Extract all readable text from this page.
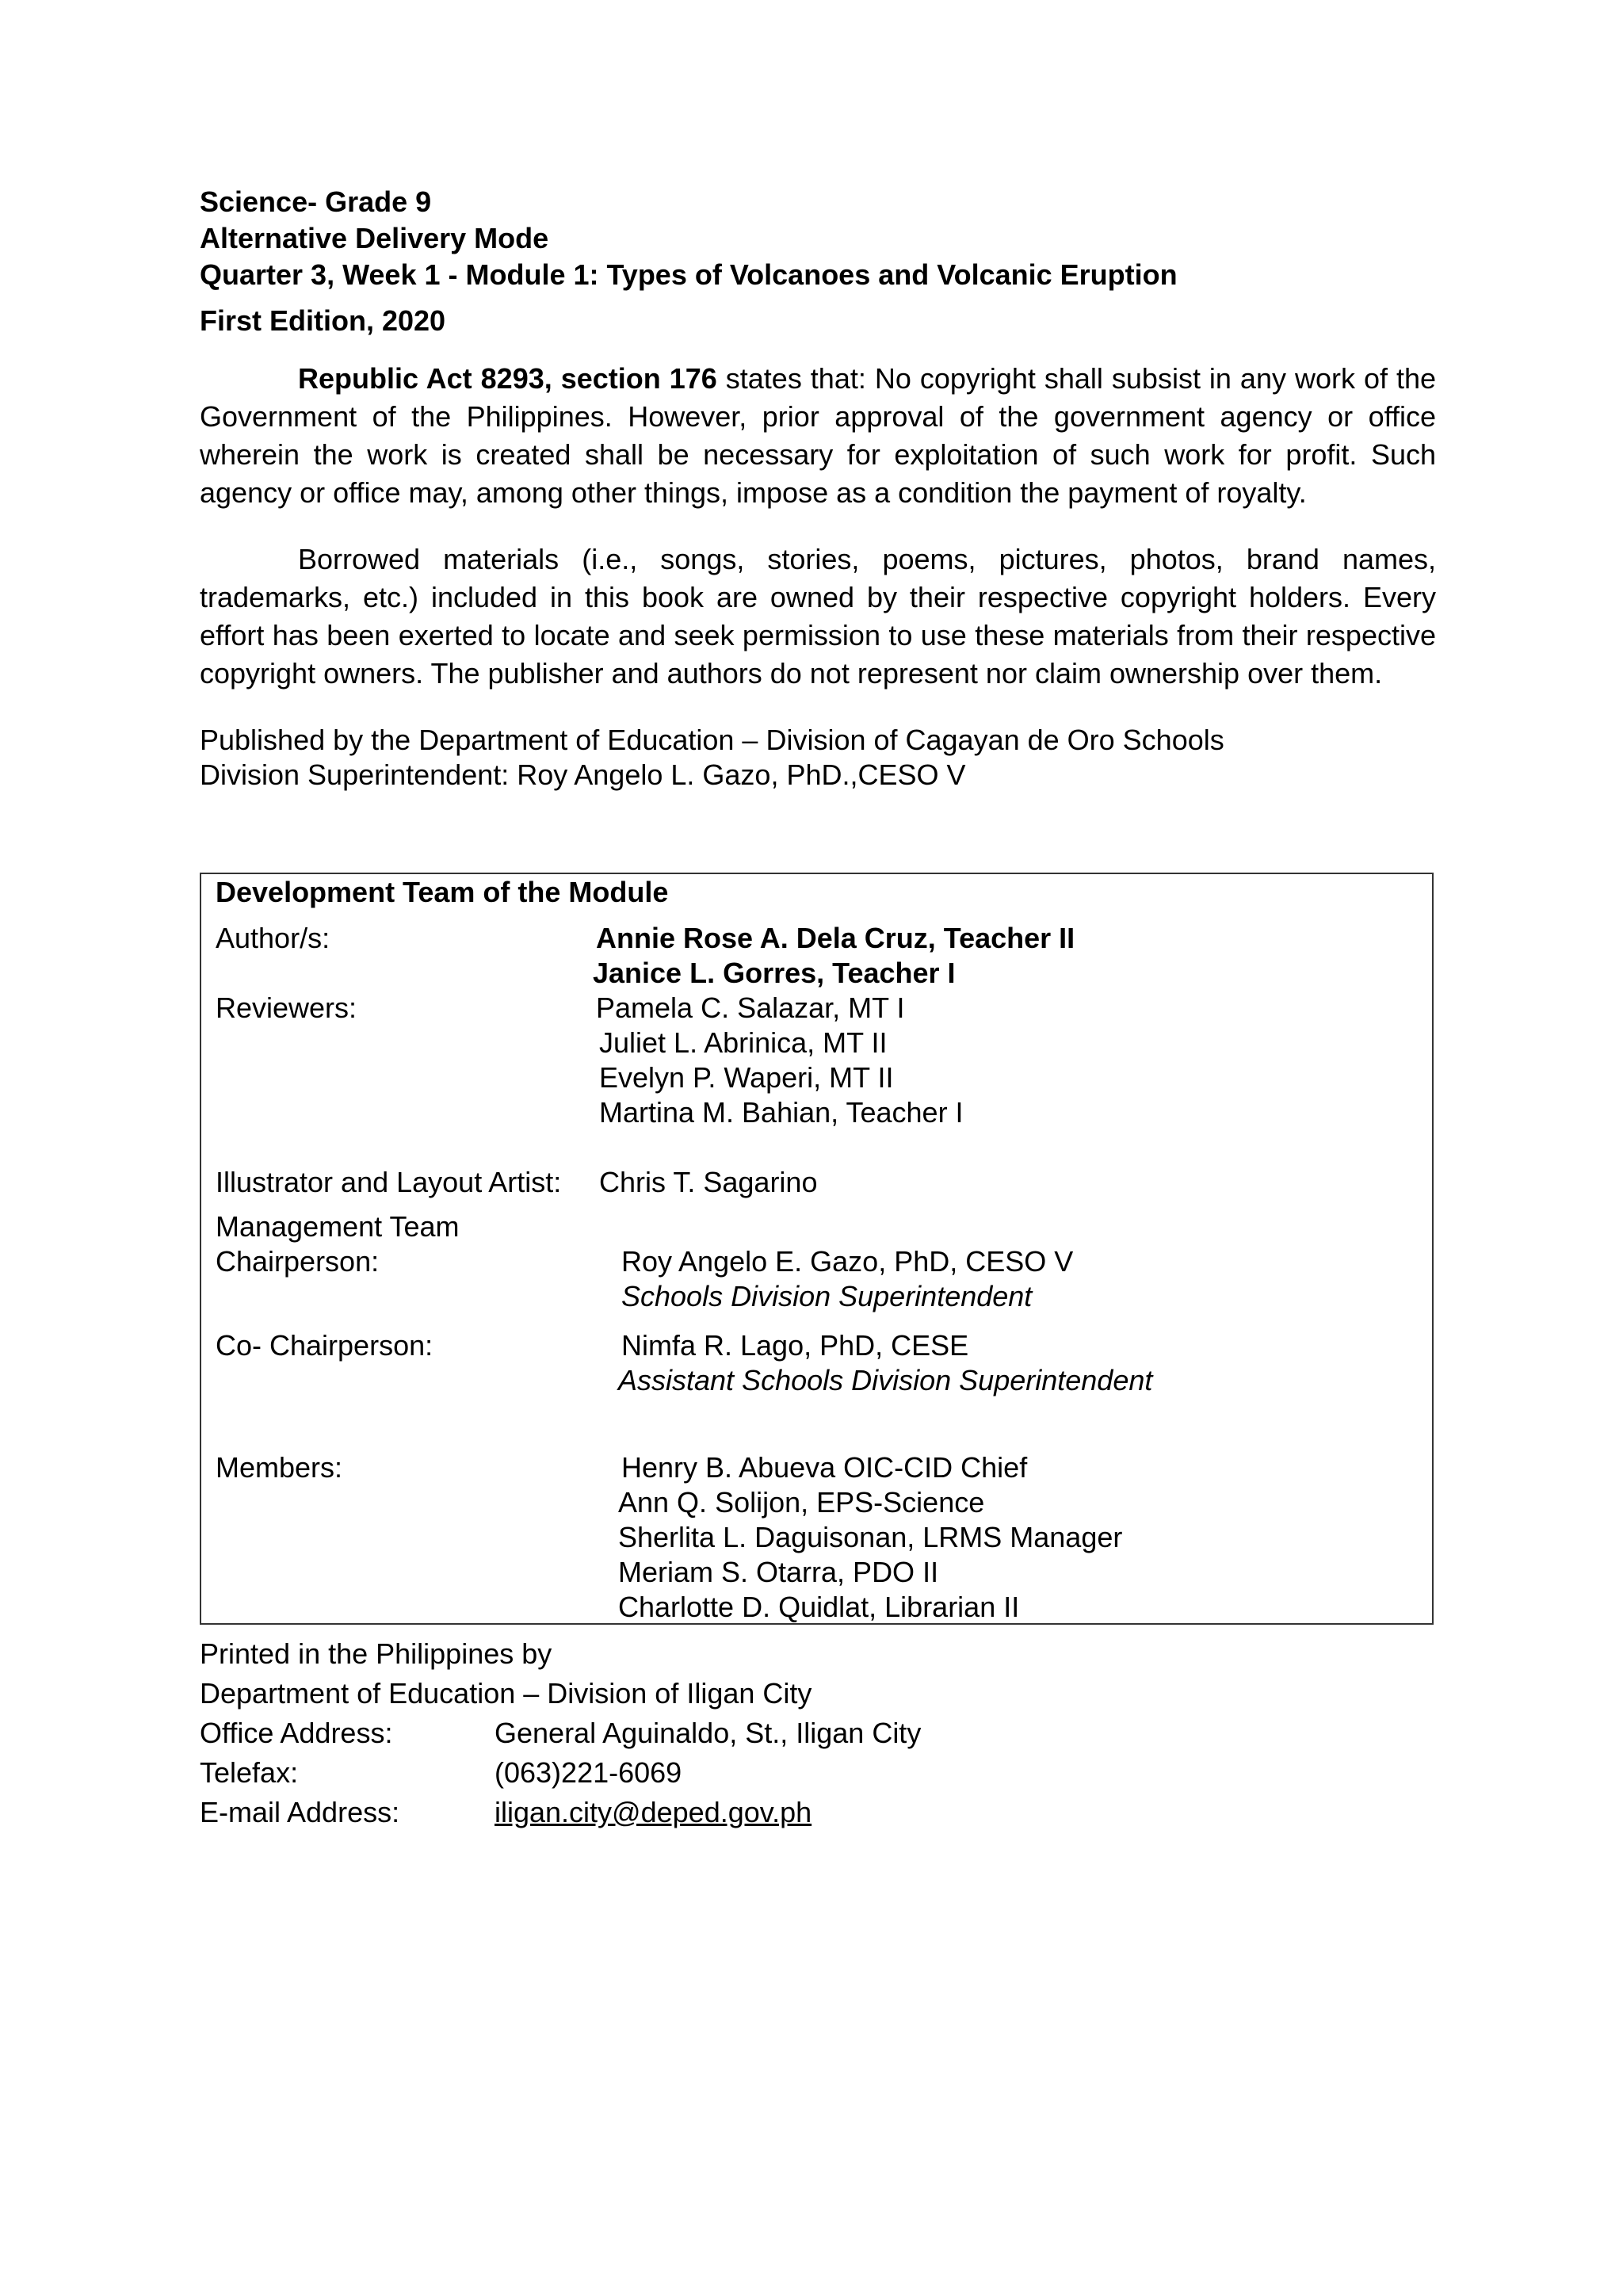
Science- Grade 9

Alternative Delivery Mode

Quarter 3, Week 1 - Module 1: Types of Volcanoes and Volcanic Eruption

First Edition, 2020

Republic Act 8293, section 176 states that: No copyright shall subsist in any work of the Government of the Philippines. However, prior approval of the government agency or office wherein the work is created shall be necessary for exploitation of such work for profit. Such agency or office may, among other things, impose as a condition the payment of royalty.

Borrowed materials (i.e., songs, stories, poems, pictures, photos, brand names, trademarks, etc.) included in this book are owned by their respective copyright holders. Every effort has been exerted to locate and seek permission to use these materials from their respective copyright owners. The publisher and authors do not represent nor claim ownership over them.

Published by the Department of Education – Division of Cagayan de Oro Schools

Division Superintendent: Roy Angelo L. Gazo, PhD.,CESO V

Development Team of the Module
Author/s:	Annie Rose A. Dela Cruz, Teacher II
Janice L. Gorres, Teacher I
Reviewers:	Pamela C. Salazar, MT I
Juliet L. Abrinica, MT II
Evelyn P. Waperi, MT II
Martina M. Bahian, Teacher I
Illustrator and Layout Artist: Chris T. Sagarino
Management Team
Chairperson:	Roy Angelo E. Gazo, PhD, CESO V
Schools Division Superintendent
Co- Chairperson:	Nimfa R. Lago, PhD, CESE
Assistant Schools Division Superintendent
Members:	Henry B. Abueva OIC-CID Chief
Ann Q. Solijon, EPS-Science
Sherlita L. Daguisonan, LRMS Manager
Meriam S. Otarra, PDO II
Charlotte D. Quidlat, Librarian II
Printed in the Philippines by
Department of Education – Division of Iligan City
Office Address:	General Aguinaldo, St., Iligan City
Telefax:	(063)221-6069
E-mail Address:	iligan.city@deped.gov.ph
